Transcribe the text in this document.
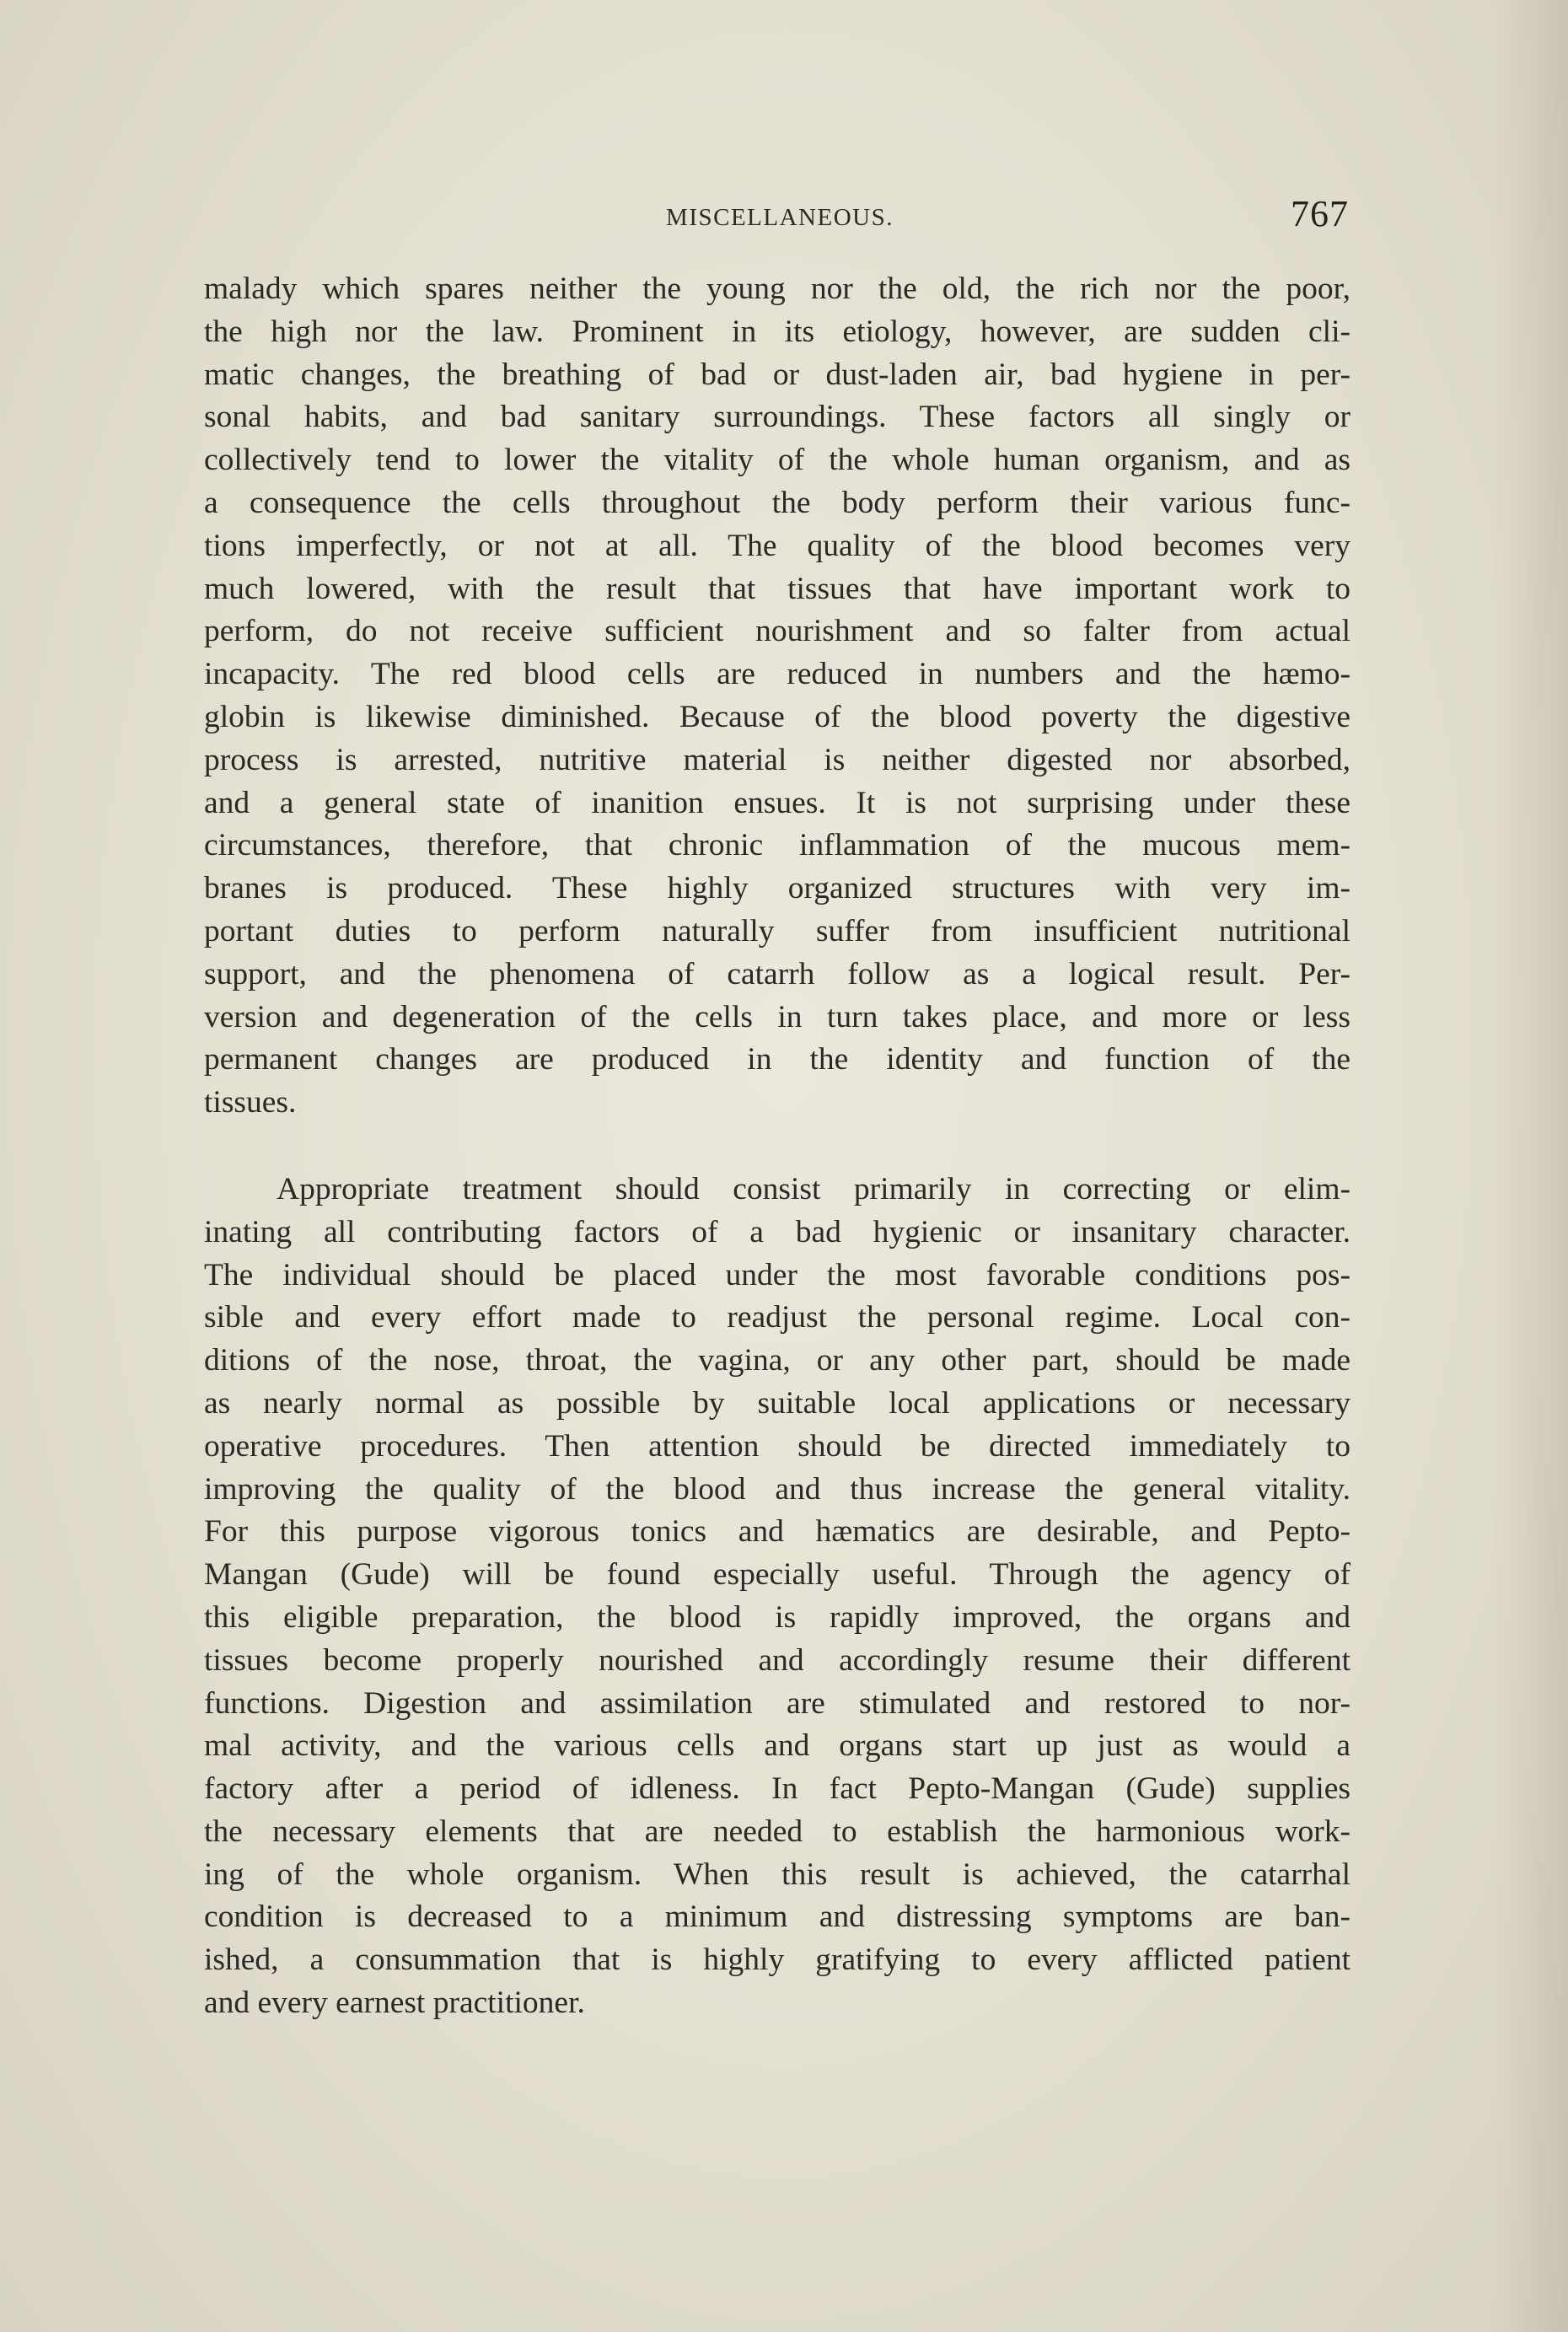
MISCELLANEOUS.	767
malady which spares neither the young nor the old, the rich nor the poor,
the high nor the law. Prominent in its etiology, however, are sudden cli-
matic changes, the breathing of bad or dust-laden air, bad hygiene in per-
sonal habits, and bad sanitary surroundings. These factors all singly or
collectively tend to lower the vitality of the whole human organism, and as
a consequence the cells throughout the body perform their various func-
tions imperfectly, or not at all. The quality of the blood becomes very
much lowered, with the result that tissues that have important work to
perform, do not receive sufficient nourishment and so falter from actual
incapacity. The red blood cells are reduced in numbers and the hæmo-
globin is likewise diminished. Because of the blood poverty the digestive
process is arrested, nutritive material is neither digested nor absorbed,
and a general state of inanition ensues. It is not surprising under these
circumstances, therefore, that chronic inflammation of the mucous mem-
branes is produced. These highly organized structures with very im-
portant duties to perform naturally suffer from insufficient nutritional
support, and the phenomena of catarrh follow as a logical result. Per-
version and degeneration of the cells in turn takes place, and more or less
permanent changes are produced in the identity and function of the
tissues.
Appropriate treatment should consist primarily in correcting or elim-
inating all contributing factors of a bad hygienic or insanitary character.
The individual should be placed under the most favorable conditions pos-
sible and every effort made to readjust the personal regime. Local con-
ditions of the nose, throat, the vagina, or any other part, should be made
as nearly normal as possible by suitable local applications or necessary
operative procedures. Then attention should be directed immediately to
improving the quality of the blood and thus increase the general vitality.
For this purpose vigorous tonics and hæmatics are desirable, and Pepto-
Mangan (Gude) will be found especially useful. Through the agency of
this eligible preparation, the blood is rapidly improved, the organs and
tissues become properly nourished and accordingly resume their different
functions. Digestion and assimilation are stimulated and restored to nor-
mal activity, and the various cells and organs start up just as would a
factory after a period of idleness. In fact Pepto-Mangan (Gude) supplies
the necessary elements that are needed to establish the harmonious work-
ing of the whole organism. When this result is achieved, the catarrhal
condition is decreased to a minimum and distressing symptoms are ban-
ished, a consummation that is highly gratifying to every afflicted patient
and every earnest practitioner.
